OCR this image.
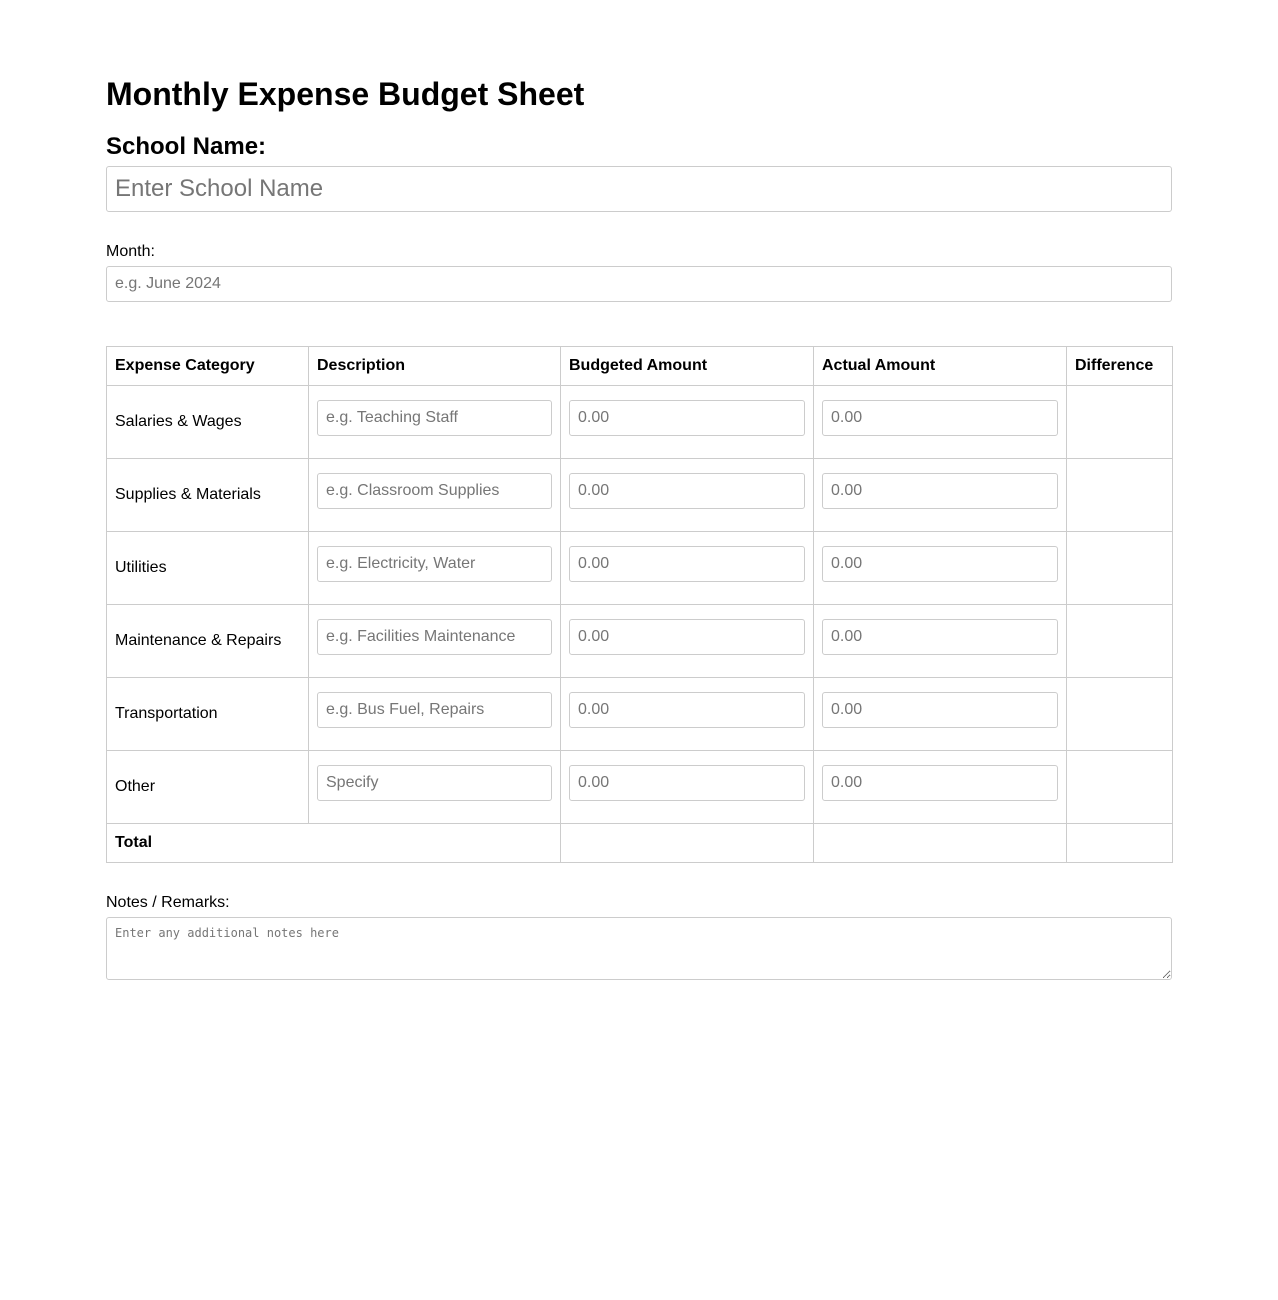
Monthly Expense Budget Sheet
School Name:
Enter School Name
Month:
e.g. June 2024
Expense Category	Description	Budgeted Amount	Actual Amount	Difference
Salaries & Wages	e.g. Teaching Staff	0.00	0.00	
Supplies & Materials	e.g. Classroom Supplies	0.00	0.00	
Utilities	e.g. Electricity, Water	0.00	0.00	
Maintenance & Repairs	e.g. Facilities Maintenance	0.00	0.00	
Transportation	e.g. Bus Fuel, Repairs	0.00	0.00	
Other	Specify	0.00	0.00	
Total				
Notes / Remarks:
Enter any additional notes here
